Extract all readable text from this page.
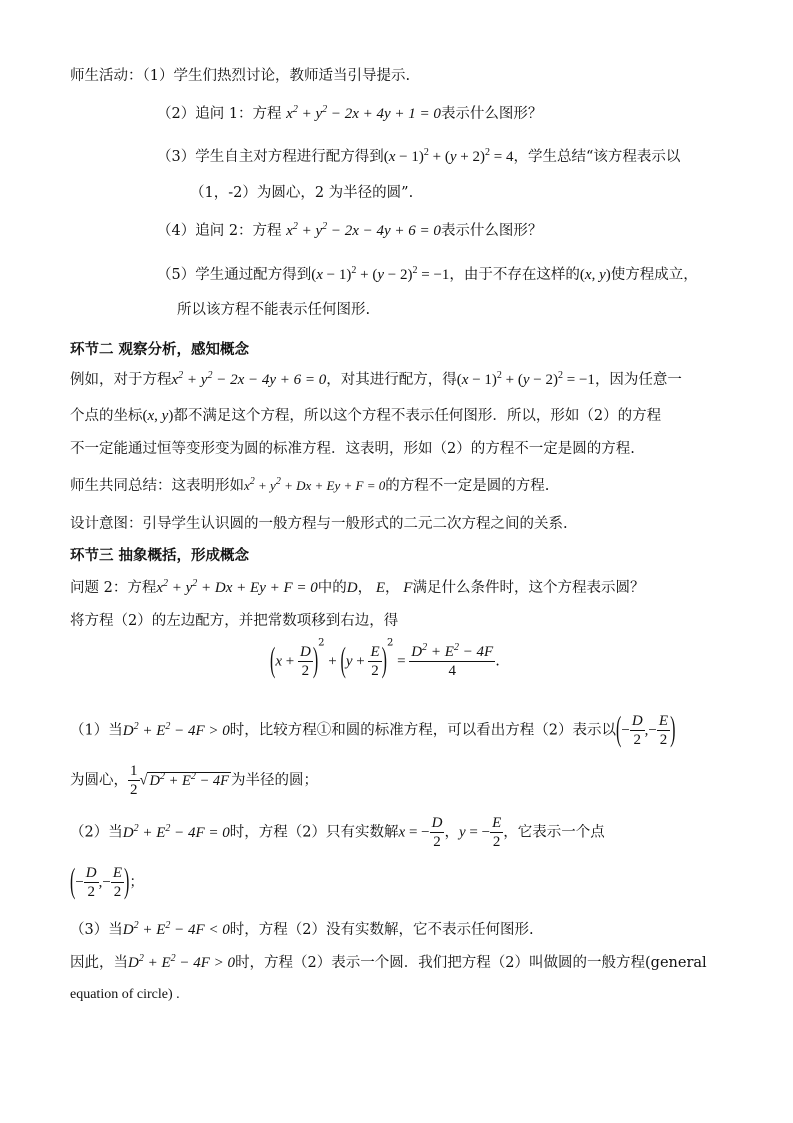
师生活动：（1）学生们热烈讨论，教师适当引导提示.
（2）追问 1：方程 $x^2 + y^2 - 2x + 4y + 1 = 0$表示什么图形？
（3）学生自主对方程进行配方得到$(x - 1)^2 + (y + 2)^2 = 4$，学生总结“该方程表示以
（1，-2）为圆心，2 为半径的圆”.
（4）追问 2：方程 $x^2 + y^2 - 2x - 4y + 6 = 0$表示什么图形？
（5）学生通过配方得到$(x - 1)^2 + (y - 2)^2 = -1$，由于不存在这样的(x, y)使方程成立，
所以该方程不能表示任何图形.
环节二 观察分析，感知概念
例如，对于方程$x^2 + y^2 - 2x - 4y + 6 = 0$，对其进行配方，得$(x - 1)^2 + (y - 2)^2 = -1$，因为任意一
个点的坐标(x, y)都不满足这个方程，所以这个方程不表示任何图形．所以，形如（2）的方程
不一定能通过恒等变形变为圆的标准方程．这表明，形如（2）的方程不一定是圆的方程.
师生共同总结：这表明形如$x^2 + y^2 + Dx + Ey + F = 0$的方程不一定是圆的方程.
设计意图：引导学生认识圆的一般方程与一般形式的二元二次方程之间的关系.
环节三 抽象概括，形成概念
问题 2：方程$x^2 + y^2 + Dx + Ey + F = 0$中的D， E， F满足什么条件时，这个方程表示圆？
将方程（2）的左边配方，并把常数项移到右边，得
$(x + \frac{D}{2} )^2 + (y + \frac{E}{2} )^2 = \frac{D^2 + E^2 - 4F}{4}$ .
（1）当$D^2 + E^2 - 4F > 0$时，比较方程①和圆的标准方程，可以看出方程（2）表示以(− $\frac{D}{2}$ ,− $\frac{E}{2}$ )
为圆心， $\frac{1}{2}$ √ $D^2 + E^2 - 4F$ 为半径的圆；
（2）当$D^2 + E^2 - 4F = 0$时，方程（2）只有实数解x = − $\frac{D}{2}$ ，y = − $\frac{E}{2}$ ，它表示一个点
(− $\frac{D}{2}$ ,− $\frac{E}{2}$ )；
（3）当$D^2 + E^2 - 4F < 0$时，方程（2）没有实数解，它不表示任何图形.
因此，当$D^2 + E^2 - 4F > 0$时，方程（2）表示一个圆．我们把方程（2）叫做圆的一般方程(general
equation of circle) .
